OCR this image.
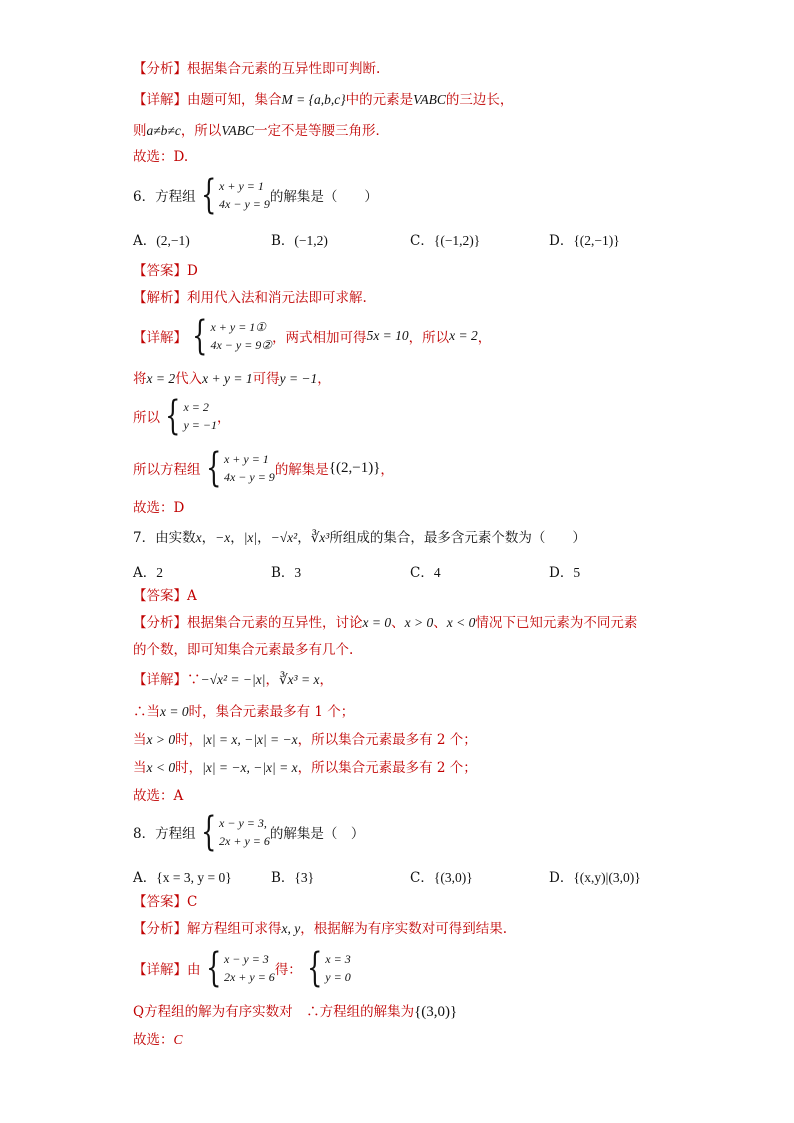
【分析】根据集合元素的互异性即可判断.
【详解】由题可知，集合M = {a,b,c}中的元素是VABC的三边长，
则a≠b≠c，所以VABC一定不是等腰三角形．
故选：D.
6．方程组 { x + y = 1
4x − y = 9 的解集是（　　）
A．(2,−1)	B．(−1,2)	C．{(−1,2)}	D．{(2,−1)}
【答案】D
【解析】利用代入法和消元法即可求解.
【详解】 { x + y = 1①
4x − y = 9② ，两式相加可得 5x = 10 ，所以 x = 2 ，
将x = 2代入x + y = 1可得y = −1，
所以 { x = 2
y = −1 ，
所以方程组 { x + y = 1
4x − y = 9 的解集是 {(2,−1)} ，
故选：D
7．由实数x，−x，|x|，−√x²，∛x³所组成的集合，最多含元素个数为（　　）
A．2	B．3	C．4	D．5
【答案】A
【分析】根据集合元素的互异性，讨论x = 0、x > 0、x < 0情况下已知元素为不同元素
的个数，即可知集合元素最多有几个.
【详解】∵−√x² = −|x|，∛x³ = x，
∴当x = 0时，集合元素最多有 1 个；
当x > 0时，|x| = x, −|x| = −x，所以集合元素最多有 2 个；
当x < 0时，|x| = −x, −|x| = x，所以集合元素最多有 2 个；
故选：A
8．方程组 { x − y = 3,
2x + y = 6 的解集是（　）
A．{x = 3, y = 0}	B．{3}	C．{(3,0)}	D．{(x,y)|(3,0)}
【答案】C
【分析】解方程组可求得x, y，根据解为有序实数对可得到结果.
【详解】 由 { x − y = 3
2x + y = 6 得： { x = 3
y = 0
Q方程组的解为有序实数对　∴方程组的解集为{(3,0)}
故选：C
